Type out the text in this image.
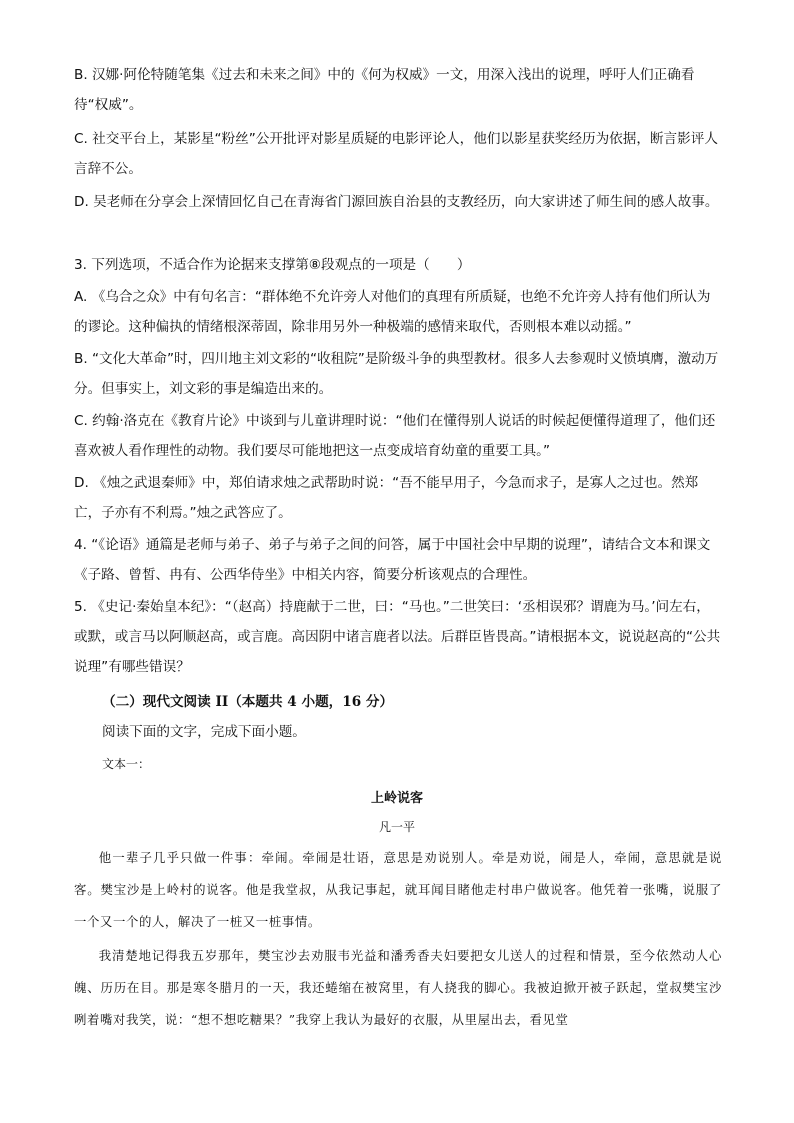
B. 汉娜·阿伦特随笔集《过去和未来之间》中的《何为权威》一文，用深入浅出的说理，呼吁人们正确看待“权威”。

C. 社交平台上，某影星“粉丝”公开批评对影星质疑的电影评论人，他们以影星获奖经历为依据，断言影评人言辞不公。

D. 吴老师在分享会上深情回忆自己在青海省门源回族自治县的支教经历，向大家讲述了师生间的感人故事。

3. 下列选项，不适合作为论据来支撑第⑧段观点的一项是（　　）

A. 《乌合之众》中有句名言：“群体绝不允许旁人对他们的真理有所质疑，也绝不允许旁人持有他们所认为的谬论。这种偏执的情绪根深蒂固，除非用另外一种极端的感情来取代，否则根本难以动摇。”

B. “文化大革命”时，四川地主刘文彩的“收租院”是阶级斗争的典型教材。很多人去参观时义愤填膺，激动万分。但事实上，刘文彩的事是编造出来的。

C. 约翰·洛克在《教育片论》中谈到与儿童讲理时说：“他们在懂得别人说话的时候起便懂得道理了，他们还喜欢被人看作理性的动物。我们要尽可能地把这一点变成培育幼童的重要工具。”

D. 《烛之武退秦师》中，郑伯请求烛之武帮助时说：“吾不能早用子，今急而求子，是寡人之过也。然郑亡，子亦有不利焉。”烛之武答应了。

4. “《论语》通篇是老师与弟子、弟子与弟子之间的问答，属于中国社会中早期的说理”，请结合文本和课文《子路、曾皙、冉有、公西华侍坐》中相关内容，简要分析该观点的合理性。

5. 《史记·秦始皇本纪》：“（赵高）持鹿献于二世，曰：“马也。”二世笑曰：‘丞相误邪？谓鹿为马。’问左右，或默，或言马以阿顺赵高，或言鹿。高因阴中诸言鹿者以法。后群臣皆畏高。”请根据本文，说说赵高的“公共说理”有哪些错误？

（二）现代文阅读 II（本题共 4 小题，16 分）
阅读下面的文字，完成下面小题。
文本一：
上岭说客
凡一平

他一辈子几乎只做一件事：牵闹。牵闹是壮语，意思是劝说别人。牵是劝说，闹是人，牵闹，意思就是说客。樊宝沙是上岭村的说客。他是我堂叔，从我记事起，就耳闻目睹他走村串户做说客。他凭着一张嘴，说服了一个又一个的人，解决了一桩又一桩事情。

我清楚地记得我五岁那年，樊宝沙去劝服韦光益和潘秀香夫妇要把女儿送人的过程和情景，至今依然动人心魄、历历在目。那是寒冬腊月的一天，我还蜷缩在被窝里，有人挠我的脚心。我被迫掀开被子跃起，堂叔樊宝沙咧着嘴对我笑，说：“想不想吃糖果？”我穿上我认为最好的衣服，从里屋出去，看见堂
